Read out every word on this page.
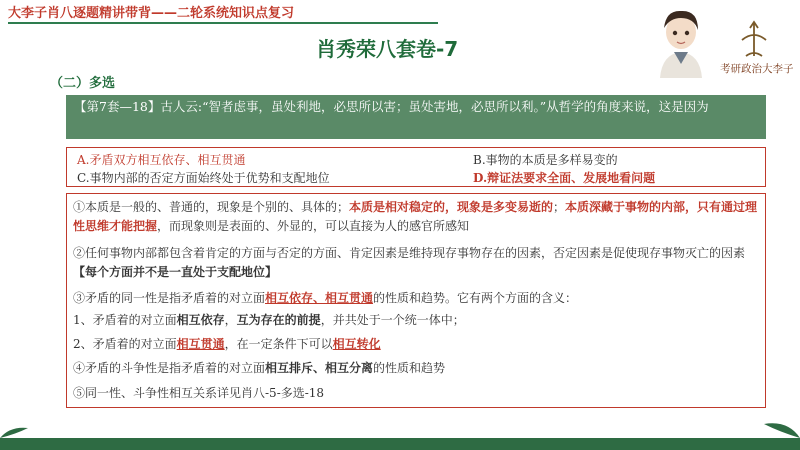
大李子肖八逐题精讲带背——二轮系统知识点复习
肖秀荣八套卷-7
考研政治大李子
（二）多选
【第7套—18】古人云:“智者虑事，虽处利地，必思所以害；虽处害地，必思所以利。”从哲学的角度来说，这是因为
A.矛盾双方相互依存、相互贯通	B.事物的本质是多样易变的
C.事物内部的否定方面始终处于优势和支配地位	D.辩证法要求全面、发展地看问题
①本质是一般的、普通的，现象是个别的、具体的；本质是相对稳定的，现象是多变易逝的；本质深藏于事物的内部，只有通过理性思维才能把握，而现象则是表面的、外显的，可以直接为人的感官所感知
②任何事物内部都包含着肯定的方面与否定的方面、肯定因素是维持现存事物存在的因素，否定因素是促使现存事物灭亡的因素【每个方面并不是一直处于支配地位】
③矛盾的同一性是指矛盾着的对立面相互依存、相互贯通的性质和趋势。它有两个方面的含义：
1、矛盾着的对立面相互依存，互为存在的前提，并共处于一个统一体中；
2、矛盾着的对立面相互贯通，在一定条件下可以相互转化
④矛盾的斗争性是指矛盾着的对立面相互排斥、相互分离的性质和趋势
⑤同一性、斗争性相互关系详见肖八-5-多选-18
